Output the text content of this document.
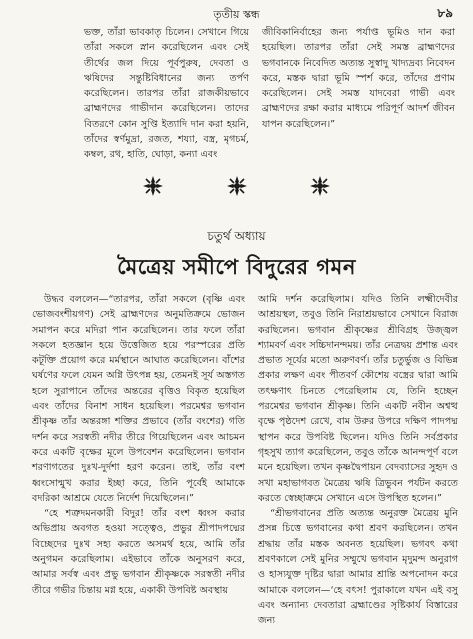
তৃতীয় স্কন্ধ	৮৯

ভক্ত, তাঁরা ভাবকাতৃ চিলেন। সেখানে গিয়ে তাঁরা সকলে স্নান করেছিলেন এবং সেই তীর্থের জল দিয়ে পূর্বপুরুষ, দেবতা ও ঋষিদের সন্তুষ্টিবিধানের জন্য তর্পণ করেছিলেন। তারপর তাঁরা রাজকীয়ভাবে ব্রাহ্মণদের গাভীদান করেছিলেন। তাদের বিতরণে কোন সুপ্তি ইত্যাদি দান করা হয়নি, তাঁদের স্বর্ণমুদ্রা, রজত, শয্যা, বস্ত্র, মৃগচর্ম, কম্বল, রথ, হাতি, ঘোড়া, কন্যা এবং

জীবিকানির্বাহের জন্য পর্যাপ্ত ভূমিও দান করা হয়েছিল। তারপর তাঁরা সেই সমস্ত ব্রাহ্মণদের ভগবানকে নিবেদিত অত্যন্ত সুস্বাদু খাদ্যদ্রব্য নিবেদন করে, মস্তক দ্বারা ভূমি স্পর্শ করে, তাঁদের প্রণাম করেছিলেন। সেই সমস্ত যাদবেরা গাভী এবং ব্রাহ্মণদের রক্ষা করার মাধ্যমে পরিপূর্ণ আদর্শ জীবন যাপন করেছিলেন।”

চতুর্থ অধ্যায়
মৈত্রেয় সমীপে বিদুরের গমন

উদ্ধব বললেন—“তারপর, তাঁরা সকলে (বৃষ্ণি এবং ভোজবংশীয়গণ) সেই ব্রাহ্মণদের অনুমতিক্রমে ভোজন সমাপন করে মদিরা পান করেছিলেন। তার ফলে তাঁরা সকলে হতজ্ঞান হয়ে উত্তেজিত হয়ে পরস্পরের প্রতি কটূক্তি প্রয়োগ করে মর্মস্থানে আঘাত করেছিলেন। বাঁশের ঘর্ষণের ফলে যেমন অগ্নি উৎপন্ন হয়, তেমনই সূর্য অস্তগত হলে সুরাপানে তাঁদের অন্তরের বৃত্তিও বিকৃত হয়েছিল এবং তাঁদের বিনাশ সাধন হয়েছিল। পরমেশ্বর ভগবান শ্রীকৃষ্ণ তাঁর অন্তরঙ্গা শক্তির প্রভাবে (তাঁর বংশের) গতি দর্শন করে সরস্বতী নদীর তীরে গিয়েছিলেন এবং আচমন করে একটি বৃক্ষের মূলে উপবেশন করেছিলেন। ভগবান শরণাগতের দুঃখ-দুর্দশা হরণ করেন। তাই, তাঁর বংশ ধ্বংসোন্মুখ করার ইচ্ছা করে, তিনি পূর্বেই আমাকে বদরিকা আশ্রমে যেতে নির্দেশ দিয়েছিলেন।”

“হে শত্রুদমনকারী বিদুর! তাঁর বংশ ধ্বংস করার অভিপ্রায় অবগত হওয়া সত্ত্বেও, প্রভুর শ্রীপাদপদ্মের বিচ্ছেদের দুঃখ সহ্য করতে অসমর্থ হয়ে, আমি তাঁর অনুগমন করেছিলাম। এইভাবে তাঁকে অনুসরণ করে, আমার সর্বস্ব এবং প্রভু ভগবান শ্রীকৃষ্ণকে সরস্বতী নদীর তীরে গভীর চিন্তায় মগ্ন হয়ে, একাকী উপবিষ্ট অবস্থায়

আমি দর্শন করেছিলাম। যদিও তিনি লক্ষ্মীদেবীর আশ্রয়স্থল, তবুও তিনি নিরাশ্রয়ভাবে সেখানে বিরাজ করছিলেন। ভগবান শ্রীকৃষ্ণের শ্রীবিগ্রহ উজ্জ্বল শ্যামবর্ণ এবং সচ্চিদানন্দময়। তাঁর নেত্রদ্বয় প্রশান্ত এবং প্রভাত সূর্যের মতো অরুণবর্ণ। তাঁর চতুর্ভুজ ও বিভিন্ন প্রকার লক্ষণ এবং পীতবর্ণ কৌশেয় বস্ত্রের দ্বারা আমি তৎক্ষণাৎ চিনতে পেরেছিলাম যে, তিনি হচ্ছেন পরমেশ্বর ভগবান শ্রীকৃষ্ণ। তিনি একটি নবীন অশ্বত্থ বৃক্ষে পৃষ্ঠদেশ রেখে, বাম উরুর উপরে দক্ষিণ পাদপদ্ম স্থাপন করে উপবিষ্ট ছিলেন। যদিও তিনি সর্বপ্রকার গৃহসুখ ত্যাগ করেছিলেন, তবুও তাঁকে আনন্দপূর্ণ বলে মনে হয়েছিল। তখন কৃষ্ণদ্বৈপায়ন বেদব্যাসের সুহৃদ ও সখা মহাভাগবত মৈত্রেয় ঋষি ত্রিভুবন পর্যটন করতে করতে স্বেচ্ছাক্রমে সেখানে এসে উপস্থিত হলেন।”

“শ্রীভগবানের প্রতি অত্যন্ত অনুরক্ত মৈত্রেয় মুনি প্রসন্ন চিত্তে ভগবানের কথা শ্রবণ করছিলেন। তখন শ্রদ্ধায় তাঁর মস্তক অবনত হয়েছিল। ভগবৎ কথা শ্রবণকালে সেই মুনির সম্মুখে ভগবান মৃদুমন্দ অনুরাগ ও হাস্যযুক্ত দৃষ্টির দ্বারা আমার শ্রান্তি অপনোদন করে আমাকে বললেন—‘হে বৎস! পুরাকালে যখন এই বসু এবং অন্যান্য দেবতারা ব্রহ্মাণ্ডের সৃষ্টিকার্য বিস্তারের জন্য
